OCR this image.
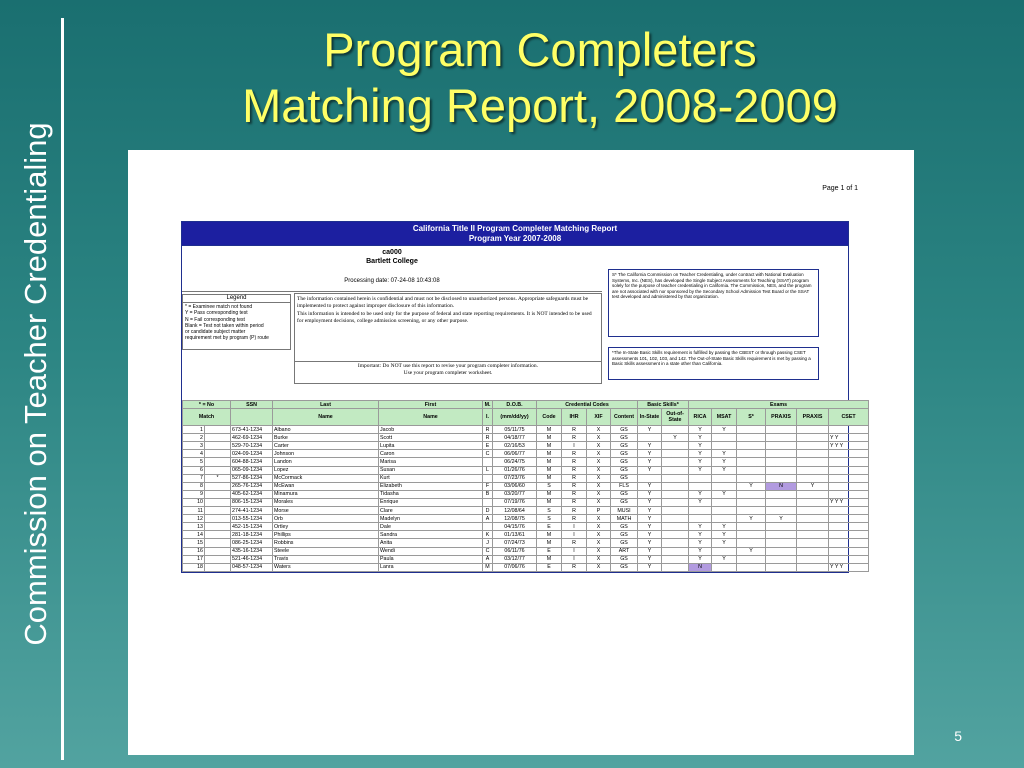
Commission on Teacher Credentialing
Program Completers
Matching Report, 2008-2009
Page 1 of 1
California Title II Program Completer Matching Report
Program Year 2007-2008
ca000
Bartlett College
Processing date: 07-24-08 10:43:08
Legend
* = Examinee match not found
Y = Pass corresponding test
N = Fail corresponding test
Blank = Test not taken within period
or candidate subject matter
requirement met by program (P) route
The information contained herein is confidential and must not be disclosed to unauthorized persons. Appropriate safeguards must be implemented to protect against improper disclosure of this information.
This information is intended to be used only for the purpose of federal and state reporting requirements. It is NOT intended to be used for employment decisions, college admission screening, or any other purpose.
Important: Do NOT use this report to revise your program completer information.
Use your program completer worksheet.
S* The California Commission on Teacher Credentialing, under contract with National Evaluation Systems, Inc. (NES), has developed the Single Subject Assessments for Teaching (SSAT) program solely for the purpose of teacher credentialing in California. The Commission, NES, and the program are not associated with nor sponsored by the Secondary School Admission Test Board or the SSAT test developed and administered by that organization.
*The In-State Basic Skills requirement is fulfilled by passing the CBEST or through passing CSET assessments 101, 102, 103, and 142. The Out-of-State Basic Skills requirement is met by passing a Basic Skills assessment in a state other than California.
* = No		SSN	Last	First	M.	D.O.B.	Credential Codes				Basic Skills*		Exams					
Match			Name	Name	I.	(mm/dd/yy)	Code	IHR	XIF	Content	In-State	Out-of-State	RICA	MSAT	S*	PRAXIS	PRAXIS	CSET
1		673-41-1234	Albano	Jacob	R	05/11/75	M	R	X	GS	Y		Y	Y				
2		462-69-1234	Burke	Scott	R	04/18/77	M	R	X	GS		Y	Y					Y Y
3		529-70-1234	Carter	Lupita	E	02/16/53	M	I	X	GS	Y		Y					Y Y Y
4		024-09-1234	Johnson	Caron	C	06/06/77	M	R	X	GS	Y		Y	Y				
5		604-88-1234	Landon	Marisa		06/24/75	M	R	X	GS	Y		Y	Y				
6		065-09-1234	Lopez	Susan	L	01/26/76	M	R	X	GS	Y		Y	Y				
7	*	527-86-1234	McCormack	Kurt		07/23/76	M	R	X	GS								
8		265-76-1234	McEwan	Elizabeth	F	03/06/60	S	R	X	FLS	Y				Y	N	Y	
9		405-62-1234	Minamura	Tidasha	B	03/20/77	M	R	X	GS	Y		Y	Y				
10		806-15-1234	Morales	Enrique		07/19/76	M	R	X	GS	Y		Y					Y Y Y
11		274-41-1234	Morse	Clare	D	12/08/64	S	R	P	MUSI	Y							
12		013-55-1234	Orb	Madelyn	A	12/08/75	S	R	X	MATH	Y				Y	Y		
13		452-15-1234	Ortley	Dale		04/15/76	E	I	X	GS	Y		Y	Y				
14		281-18-1234	Phillips	Sandra	K	01/13/61	M	I	X	GS	Y		Y	Y				
15		086-25-1234	Robbins	Anita	J	07/24/73	M	R	X	GS	Y		Y	Y				
16		435-16-1234	Steele	Wendi	C	06/11/76	E	I	X	ART	Y		Y		Y			
17		521-46-1234	Travis	Paula	A	03/12/77	M	I	X	GS	Y		Y	Y				
18		048-57-1234	Waters	Lanra	M	07/06/76	E	R	X	GS	Y		N					Y Y Y
5
